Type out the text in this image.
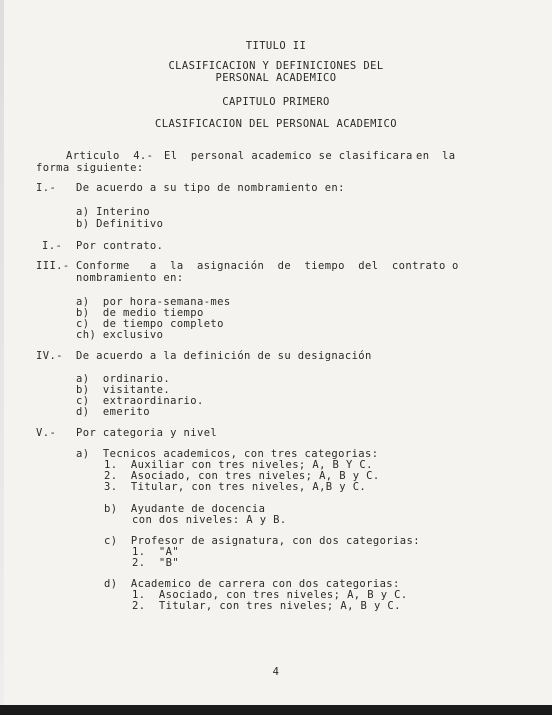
TITULO II
CLASIFICACION Y DEFINICIONES DEL
PERSONAL ACADEMICO
CAPITULO PRIMERO
CLASIFICACION DEL PERSONAL ACADEMICO
Articulo  4.- El  personal academico se clasificara en la
forma siguiente:
I.- De acuerdo a su tipo de nombramiento en:
a) Interino
b) Definitivo
I.- Por contrato.
III.- Conforme   a  la  asignación  de  tiempo  del  contrato o
nombramiento en:
a)  por hora-semana-mes
b)  de medio tiempo
c)  de tiempo completo
ch) exclusivo
IV.- De acuerdo a la definición de su designación
a)  ordinario.
b)  visitante.
c)  extraordinario.
d)  emerito
V.- Por categoria y nivel
a)  Tecnicos academicos, con tres categorias:
1.  Auxiliar con tres niveles; A, B Y C.
2.  Asociado, con tres niveles; A, B y C.
3.  Titular, con tres niveles, A,B y C.
b)  Ayudante de docencia
con dos niveles: A y B.
c)  Profesor de asignatura, con dos categorias:
1.  "A"
2.  "B"
d)  Academico de carrera con dos categorias:
1.  Asociado, con tres niveles; A, B y C.
2.  Titular, con tres niveles; A, B y C.
4
